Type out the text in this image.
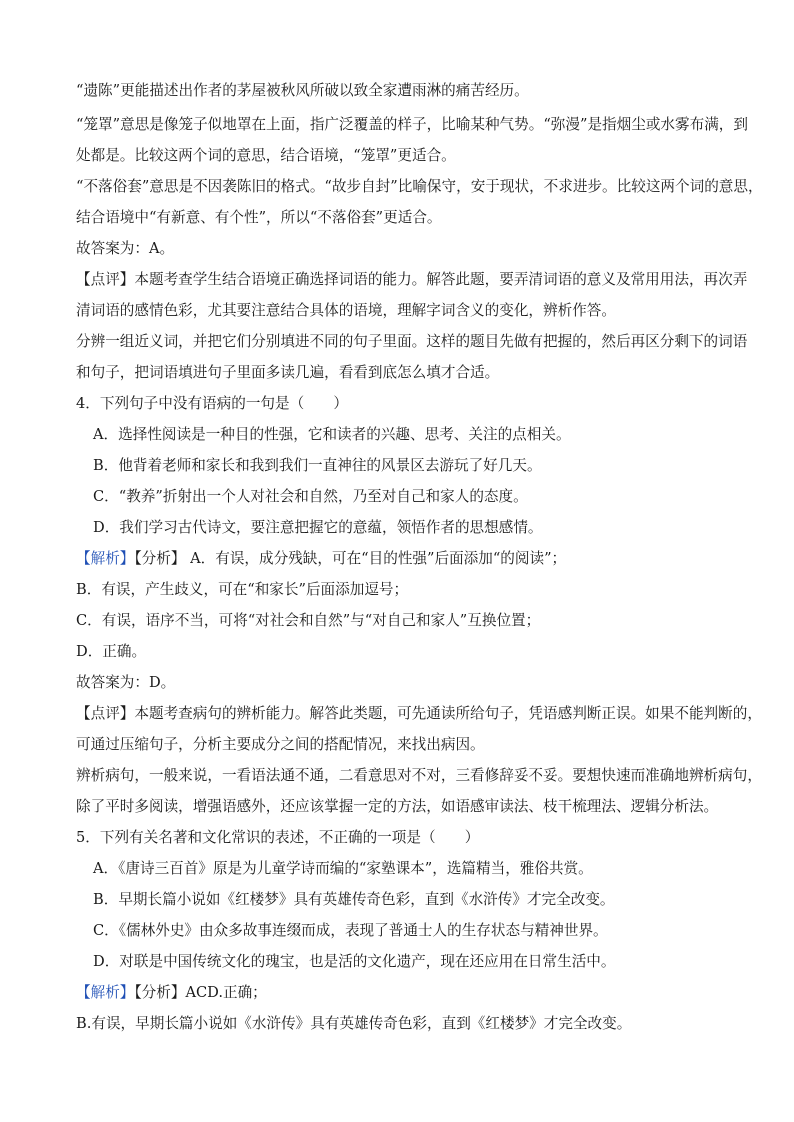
“遗陈”更能描述出作者的茅屋被秋风所破以致全家遭雨淋的痛苦经历。
“笼罩”意思是像笼子似地罩在上面，指广泛覆盖的样子，比喻某种气势。“弥漫”是指烟尘或水雾布满，到
处都是。比较这两个词的意思，结合语境，“笼罩”更适合。
“不落俗套”意思是不因袭陈旧的格式。“故步自封”比喻保守，安于现状，不求进步。比较这两个词的意思，
结合语境中“有新意、有个性”，所以“不落俗套”更适合。
故答案为：A。
【点评】本题考查学生结合语境正确选择词语的能力。解答此题，要弄清词语的意义及常用用法，再次弄
清词语的感情色彩，尤其要注意结合具体的语境，理解字词含义的变化，辨析作答。
分辨一组近义词，并把它们分别填进不同的句子里面。这样的题目先做有把握的，然后再区分剩下的词语
和句子，把词语填进句子里面多读几遍，看看到底怎么填才合适。
4．下列句子中没有语病的一句是（　　）
A．选择性阅读是一种目的性强，它和读者的兴趣、思考、关注的点相关。
B．他背着老师和家长和我到我们一直神往的风景区去游玩了好几天。
C．“教养”折射出一个人对社会和自然，乃至对自己和家人的态度。
D．我们学习古代诗文，要注意把握它的意蕴，领悟作者的思想感情。
【解析】【分析】 A．有误，成分残缺，可在“目的性强”后面添加“的阅读”；
B．有误，产生歧义，可在“和家长”后面添加逗号；
C．有误，语序不当，可将“对社会和自然”与“对自己和家人”互换位置；
D．正确。
故答案为：D。
【点评】本题考查病句的辨析能力。解答此类题，可先通读所给句子，凭语感判断正误。如果不能判断的，
可通过压缩句子，分析主要成分之间的搭配情况，来找出病因。
辨析病句，一般来说，一看语法通不通，二看意思对不对，三看修辞妥不妥。要想快速而准确地辨析病句，
除了平时多阅读，增强语感外，还应该掌握一定的方法，如语感审读法、枝干梳理法、逻辑分析法。
5．下列有关名著和文化常识的表述，不正确的一项是（　　）
A．《唐诗三百首》原是为儿童学诗而编的“家塾课本”，选篇精当，雅俗共赏。
B．早期长篇小说如《红楼梦》具有英雄传奇色彩，直到《水浒传》才完全改变。
C．《儒林外史》由众多故事连缀而成，表现了普通士人的生存状态与精神世界。
D．对联是中国传统文化的瑰宝，也是活的文化遗产，现在还应用在日常生活中。
【解析】【分析】ACD.正确；
B.有误，早期长篇小说如《水浒传》具有英雄传奇色彩，直到《红楼梦》才完全改变。
